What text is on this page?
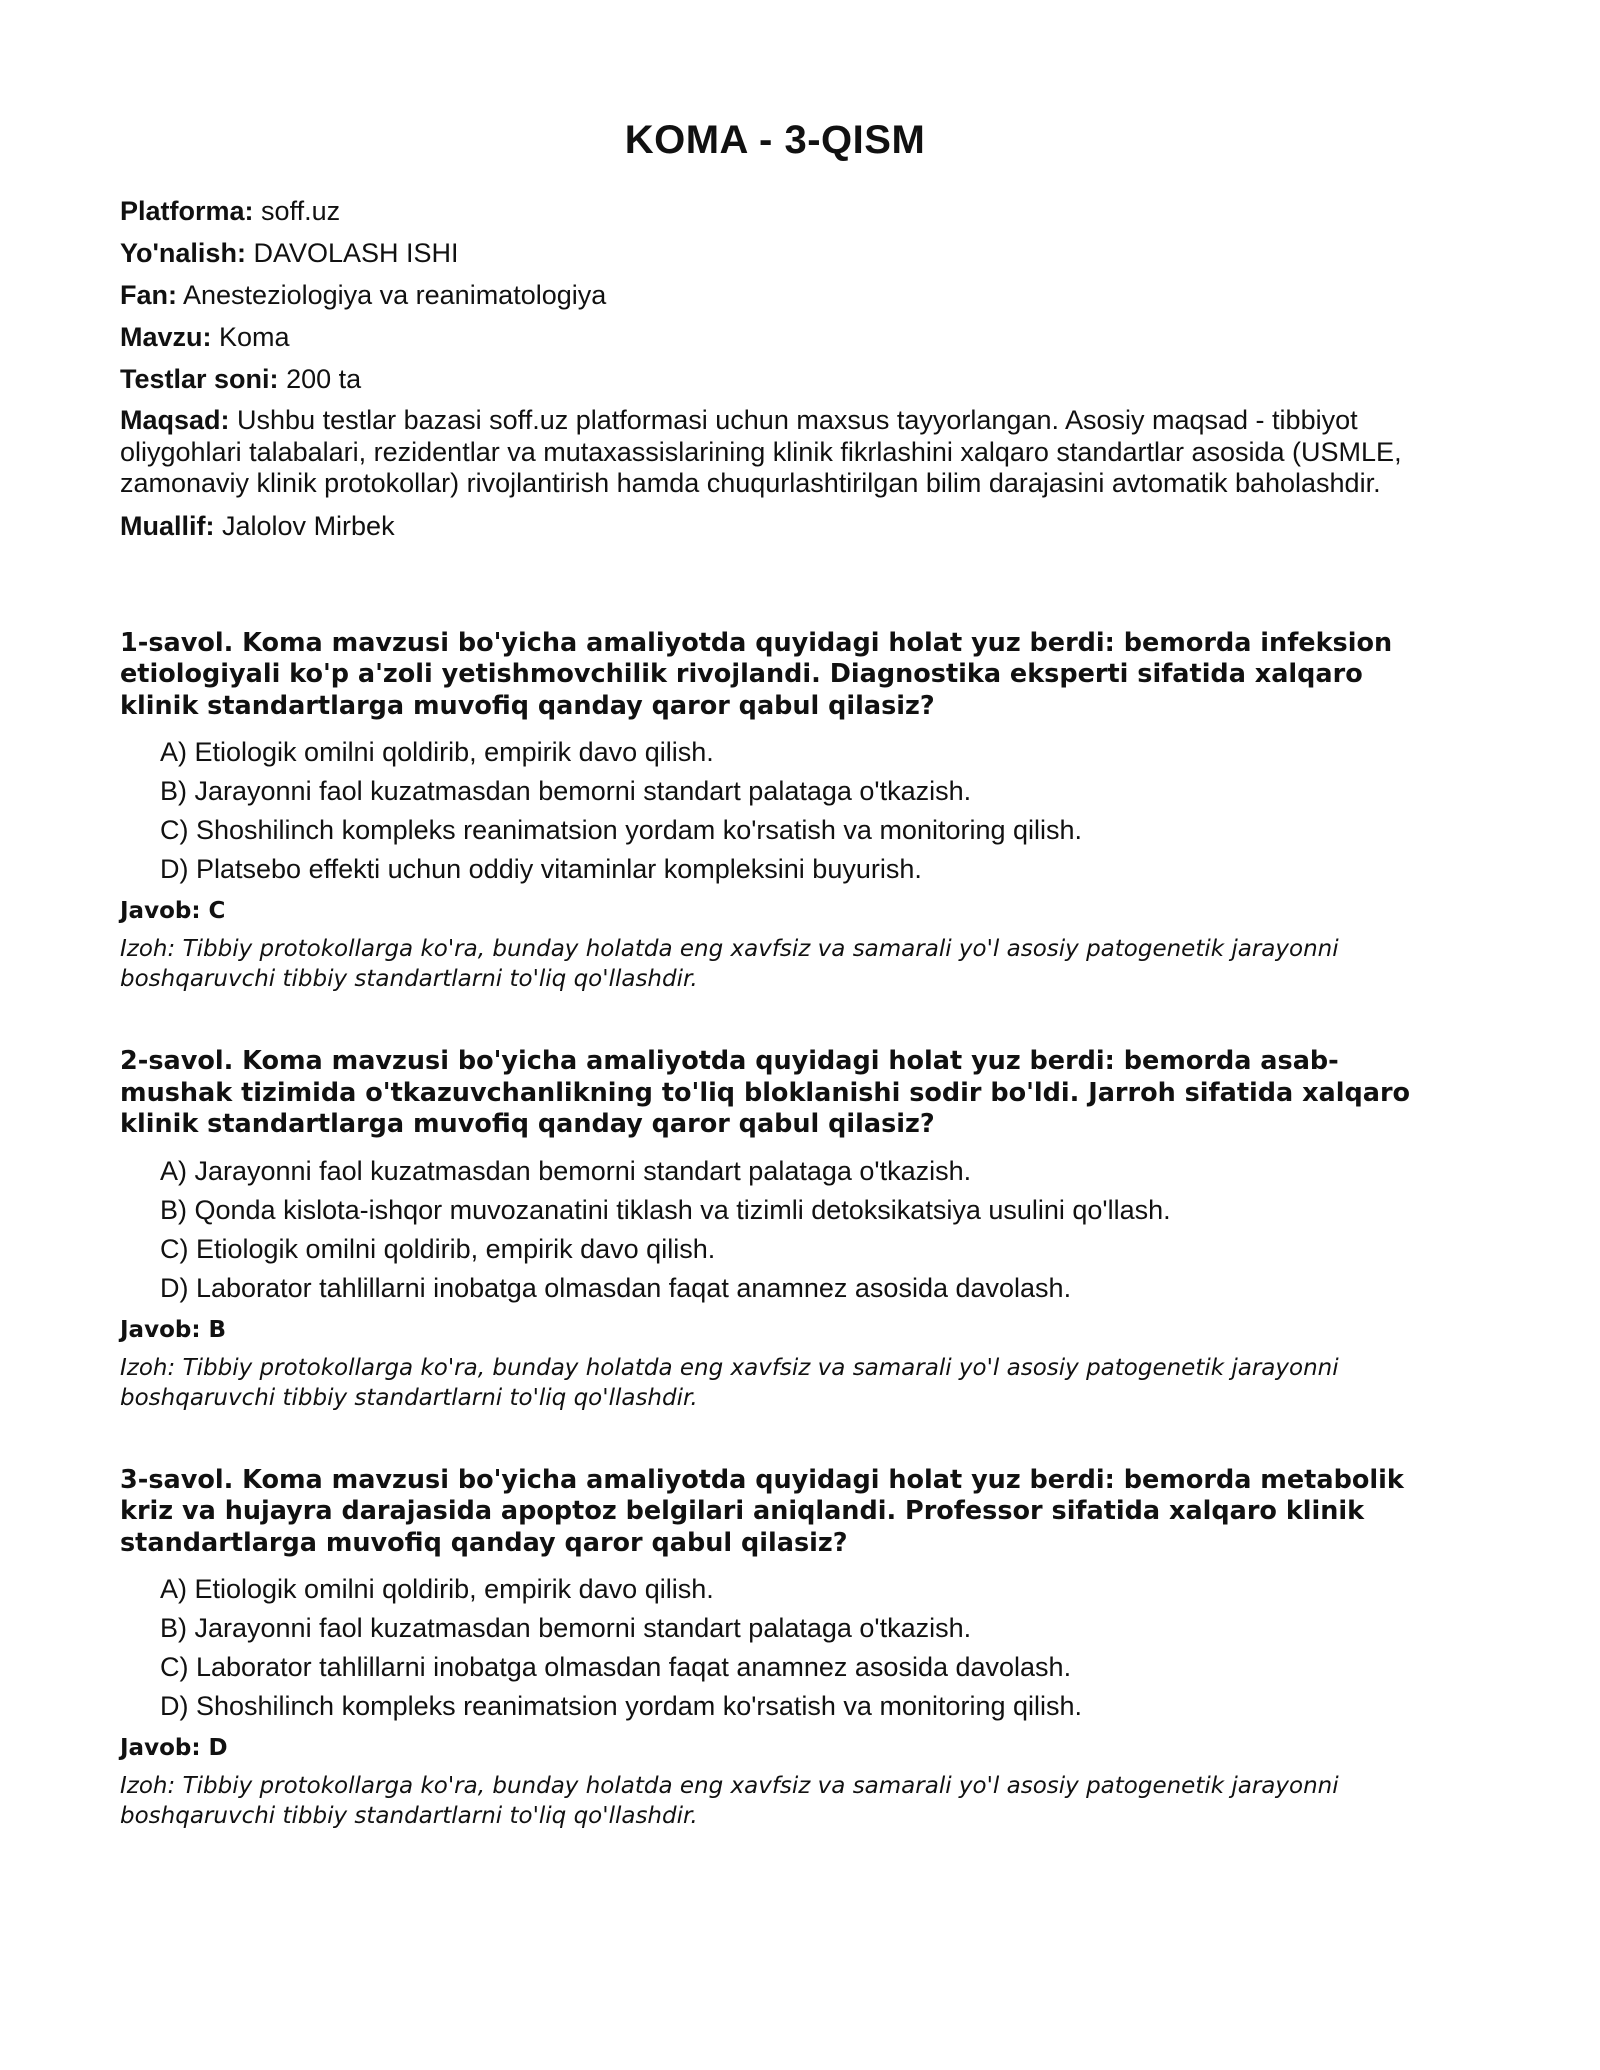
KOMA - 3-QISM
Platforma: soff.uz
Yo'nalish: DAVOLASH ISHI
Fan: Anesteziologiya va reanimatologiya
Mavzu: Koma
Testlar soni: 200 ta
Maqsad: Ushbu testlar bazasi soff.uz platformasi uchun maxsus tayyorlangan. Asosiy maqsad - tibbiyot oliygohlari talabalari, rezidentlar va mutaxassislarining klinik fikrlashini xalqaro standartlar asosida (USMLE, zamonaviy klinik protokollar) rivojlantirish hamda chuqurlashtirilgan bilim darajasini avtomatik baholashdir.
Muallif: Jalolov Mirbek

1-savol. Koma mavzusi bo'yicha amaliyotda quyidagi holat yuz berdi: bemorda infeksion etiologiyali ko'p a'zoli yetishmovchilik rivojlandi. Diagnostika eksperti sifatida xalqaro klinik standartlarga muvofiq qanday qaror qabul qilasiz?

A) Etiologik omilni qoldirib, empirik davo qilish.
B) Jarayonni faol kuzatmasdan bemorni standart palataga o'tkazish.
C) Shoshilinch kompleks reanimatsion yordam ko'rsatish va monitoring qilish.
D) Platsebo effekti uchun oddiy vitaminlar kompleksini buyurish.

Javob: C

Izoh: Tibbiy protokollarga ko'ra, bunday holatda eng xavfsiz va samarali yo'l asosiy patogenetik jarayonni boshqaruvchi tibbiy standartlarni to'liq qo'llashdir.

2-savol. Koma mavzusi bo'yicha amaliyotda quyidagi holat yuz berdi: bemorda asab-mushak tizimida o'tkazuvchanlikning to'liq bloklanishi sodir bo'ldi. Jarroh sifatida xalqaro klinik standartlarga muvofiq qanday qaror qabul qilasiz?

A) Jarayonni faol kuzatmasdan bemorni standart palataga o'tkazish.
B) Qonda kislota-ishqor muvozanatini tiklash va tizimli detoksikatsiya usulini qo'llash.
C) Etiologik omilni qoldirib, empirik davo qilish.
D) Laborator tahlillarni inobatga olmasdan faqat anamnez asosida davolash.

Javob: B

Izoh: Tibbiy protokollarga ko'ra, bunday holatda eng xavfsiz va samarali yo'l asosiy patogenetik jarayonni boshqaruvchi tibbiy standartlarni to'liq qo'llashdir.

3-savol. Koma mavzusi bo'yicha amaliyotda quyidagi holat yuz berdi: bemorda metabolik kriz va hujayra darajasida apoptoz belgilari aniqlandi. Professor sifatida xalqaro klinik standartlarga muvofiq qanday qaror qabul qilasiz?

A) Etiologik omilni qoldirib, empirik davo qilish.
B) Jarayonni faol kuzatmasdan bemorni standart palataga o'tkazish.
C) Laborator tahlillarni inobatga olmasdan faqat anamnez asosida davolash.
D) Shoshilinch kompleks reanimatsion yordam ko'rsatish va monitoring qilish.

Javob: D

Izoh: Tibbiy protokollarga ko'ra, bunday holatda eng xavfsiz va samarali yo'l asosiy patogenetik jarayonni boshqaruvchi tibbiy standartlarni to'liq qo'llashdir.
